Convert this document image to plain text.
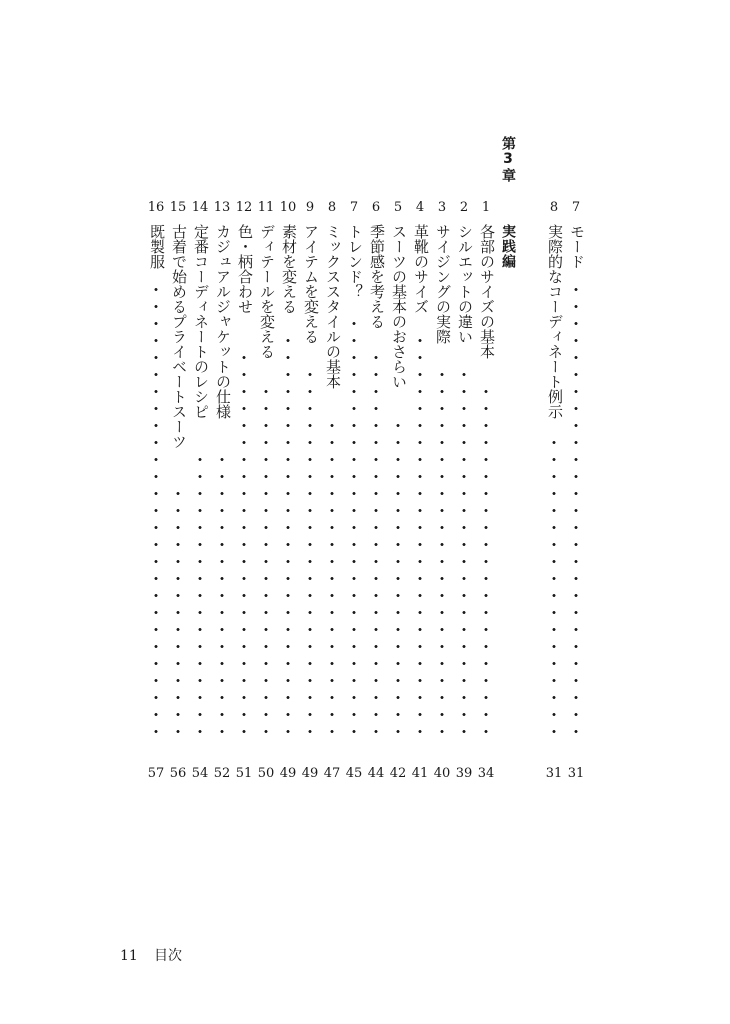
7
モード
31
8
実際的なコーディネート例示
31
第3章
実践編
1
各部のサイズの基本
34
2
シルエットの違い
39
3
サイジングの実際
40
4
革靴のサイズ
41
5
スーツの基本のおさらい
42
6
季節感を考える
44
7
トレンド？
45
8
ミックススタイルの基本
47
9
アイテムを変える
49
10
素材を変える
49
11
ディテールを変える
50
12
色・柄合わせ
51
13
カジュアルジャケットの仕様
52
14
定番コーディネートのレシピ
54
15
古着で始めるプライベートスーツ
56
16
既製服
57
11 目次
